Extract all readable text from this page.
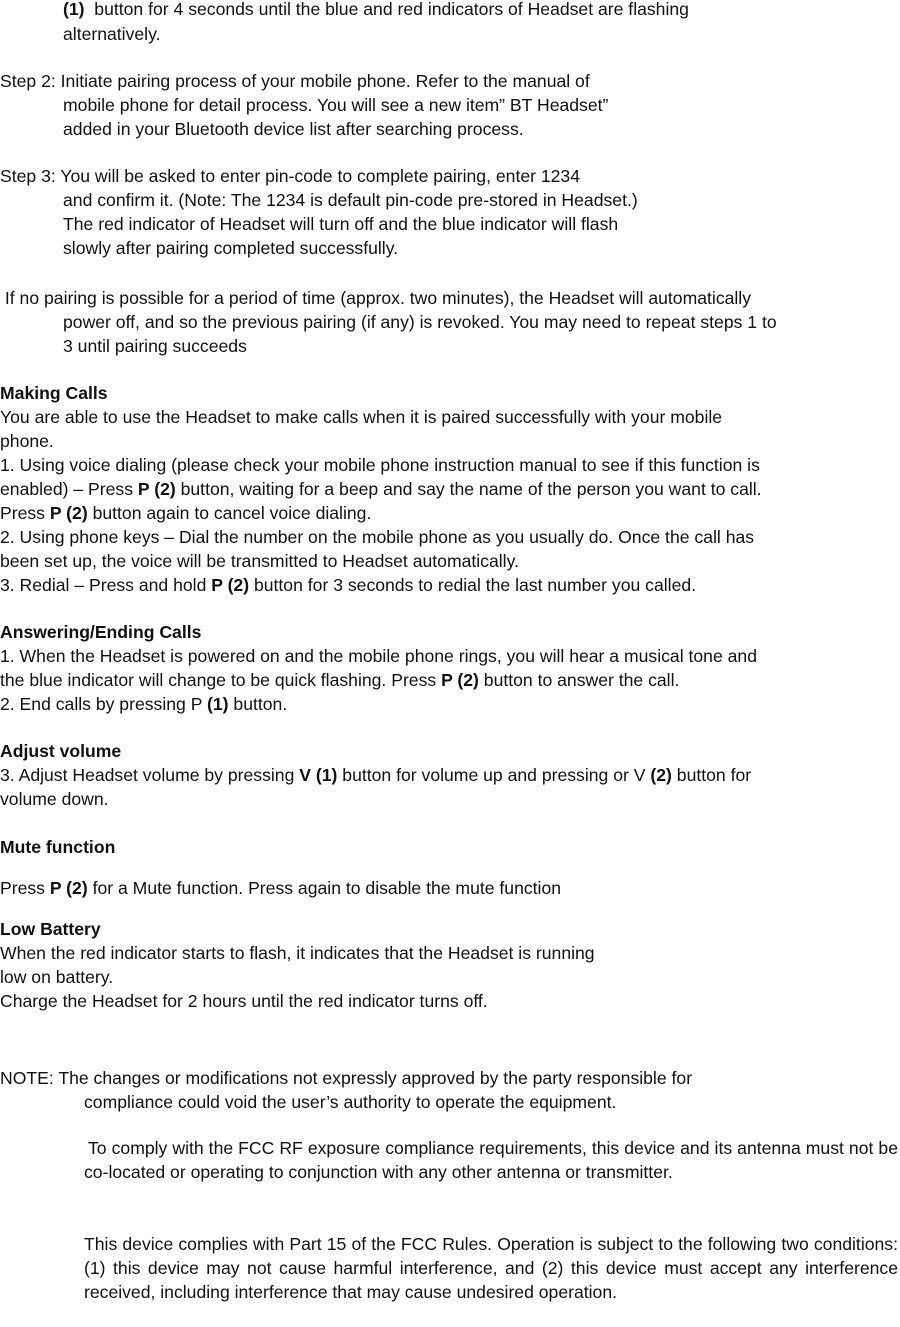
(1)  button for 4 seconds until the blue and red indicators of Headset are flashing
alternatively.
Step 2: Initiate pairing process of your mobile phone. Refer to the manual of
mobile phone for detail process. You will see a new item” BT Headset”
added in your Bluetooth device list after searching process.
Step 3: You will be asked to enter pin-code to complete pairing, enter 1234
and confirm it. (Note: The 1234 is default pin-code pre-stored in Headset.)
The red indicator of Headset will turn off and the blue indicator will flash
slowly after pairing completed successfully.
If no pairing is possible for a period of time (approx. two minutes), the Headset will automatically
power off, and so the previous pairing (if any) is revoked. You may need to repeat steps 1 to
3 until pairing succeeds
Making Calls
You are able to use the Headset to make calls when it is paired successfully with your mobile
phone.
1. Using voice dialing (please check your mobile phone instruction manual to see if this function is
enabled) – Press P (2) button, waiting for a beep and say the name of the person you want to call.
Press P (2) button again to cancel voice dialing.
2. Using phone keys – Dial the number on the mobile phone as you usually do. Once the call has
been set up, the voice will be transmitted to Headset automatically.
3. Redial – Press and hold P (2) button for 3 seconds to redial the last number you called.
Answering/Ending Calls
1. When the Headset is powered on and the mobile phone rings, you will hear a musical tone and
the blue indicator will change to be quick flashing. Press P (2) button to answer the call.
2. End calls by pressing P (1) button.
Adjust volume
3. Adjust Headset volume by pressing V (1) button for volume up and pressing or V (2) button for
volume down.
Mute function
Press P (2) for a Mute function. Press again to disable the mute function
Low Battery
When the red indicator starts to flash, it indicates that the Headset is running
low on battery.
Charge the Headset for 2 hours until the red indicator turns off.
NOTE: The changes or modifications not expressly approved by the party responsible for
compliance could void the user’s authority to operate the equipment.
To comply with the FCC RF exposure compliance requirements, this device and its antenna must not be co-located or operating to conjunction with any other antenna or transmitter.
This device complies with Part 15 of the FCC Rules. Operation is subject to the following two conditions: (1) this device may not cause harmful interference, and (2) this device must accept any interference received, including interference that may cause undesired operation.
